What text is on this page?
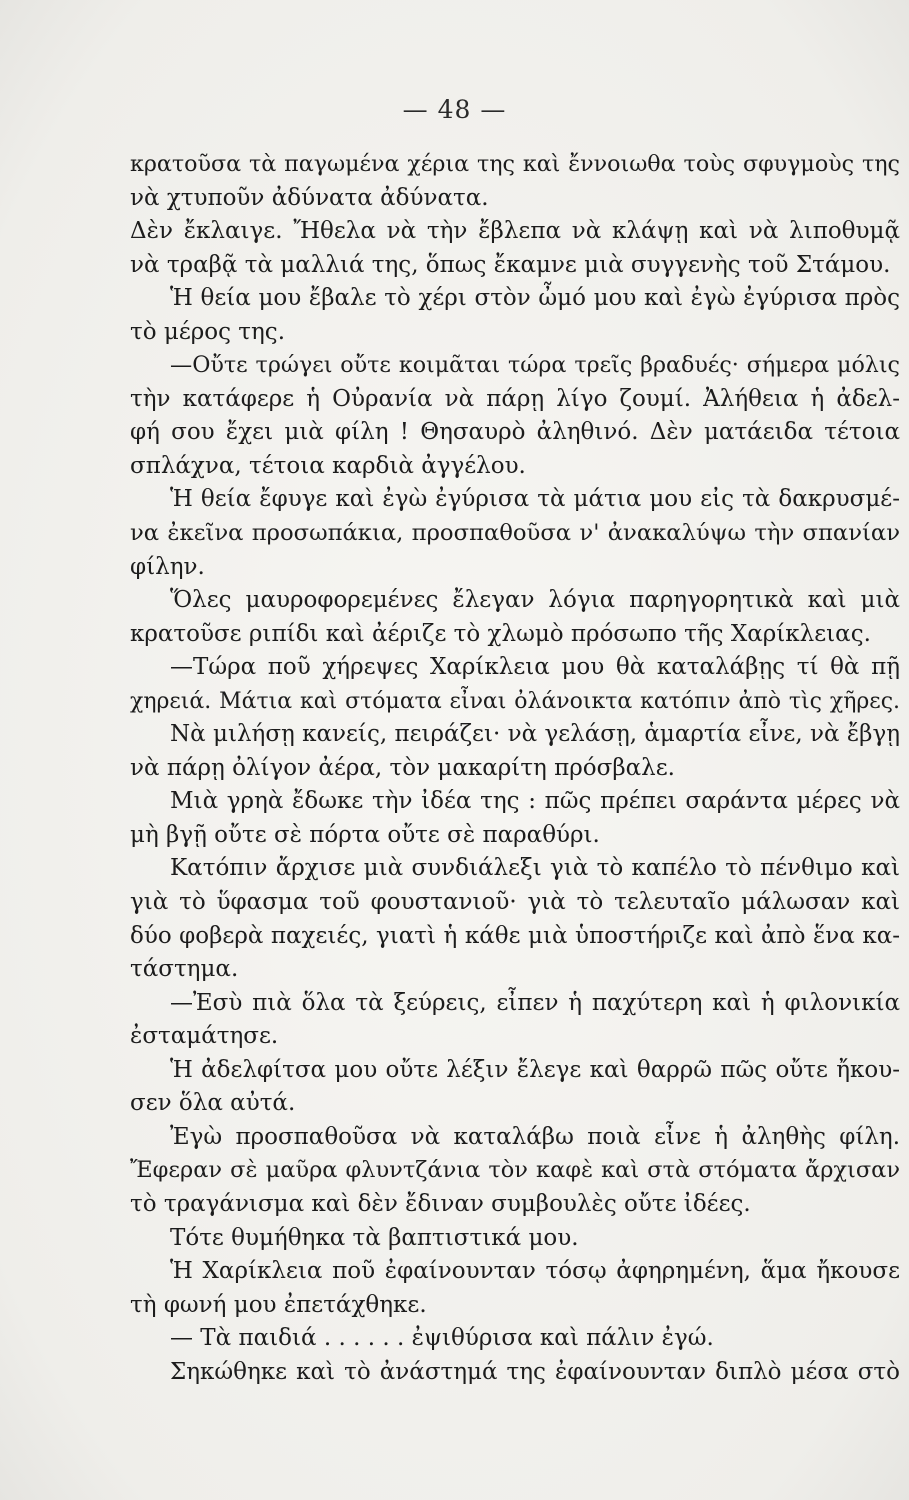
— 48 —
κρατοῦσα τὰ παγωμένα χέρια της καὶ ἔννοιωθα τοὺς σφυγμοὺς της
νὰ χτυποῦν ἀδύνατα ἀδύνατα.
Δὲν ἔκλαιγε. Ἤθελα νὰ τὴν ἔβλεπα νὰ κλάψῃ καὶ νὰ λιποθυμᾷ
νὰ τραβᾷ τὰ μαλλιά της, ὅπως ἔκαμνε μιὰ συγγενὴς τοῦ Στάμου.
Ἡ θεία μου ἔβαλε τὸ χέρι στὸν ὦμό μου καὶ ἐγὼ ἐγύρισα πρὸς
τὸ μέρος της.
—Οὔτε τρώγει οὔτε κοιμᾶται τώρα τρεῖς βραδυές· σήμερα μόλις
τὴν κατάφερε ἡ Οὐρανία νὰ πάρῃ λίγο ζουμί. Ἀλήθεια ἡ ἀδελ-
φή σου ἔχει μιὰ φίλη ! Θησαυρὸ ἀληθινό. Δὲν ματάειδα τέτοια
σπλάχνα, τέτοια καρδιὰ ἀγγέλου.
Ἡ θεία ἔφυγε καὶ ἐγὼ ἐγύρισα τὰ μάτια μου εἰς τὰ δακρυσμέ-
να ἐκεῖνα προσωπάκια, προσπαθοῦσα ν' ἀνακαλύψω τὴν σπανίαν
φίλην.
Ὅλες μαυροφορεμένες ἔλεγαν λόγια παρηγορητικὰ καὶ μιὰ
κρατοῦσε ριπίδι καὶ ἀέριζε τὸ χλωμὸ πρόσωπο τῆς Χαρίκλειας.
—Τώρα ποῦ χήρεψες Χαρίκλεια μου θὰ καταλάβῃς τί θὰ πῇ
χηρειά. Μάτια καὶ στόματα εἶναι ὀλάνοικτα κατόπιν ἀπὸ τὶς χῆρες.
Νὰ μιλήσῃ κανείς, πειράζει· νὰ γελάσῃ, ἁμαρτία εἶνε, νὰ ἔβγῃ
νὰ πάρῃ ὀλίγον ἀέρα, τὸν μακαρίτη πρόσβαλε.
Μιὰ γρηὰ ἔδωκε τὴν ἰδέα της : πῶς πρέπει σαράντα μέρες νὰ
μὴ βγῇ οὔτε σὲ πόρτα οὔτε σὲ παραθύρι.
Κατόπιν ἄρχισε μιὰ συνδιάλεξι γιὰ τὸ καπέλο τὸ πένθιμο καὶ
γιὰ τὸ ὕφασμα τοῦ φουστανιοῦ· γιὰ τὸ τελευταῖο μάλωσαν καὶ
δύο φοβερὰ παχειές, γιατὶ ἡ κάθε μιὰ ὑποστήριζε καὶ ἀπὸ ἕνα κα-
τάστημα.
—Ἐσὺ πιὰ ὅλα τὰ ξεύρεις, εἶπεν ἡ παχύτερη καὶ ἡ φιλονικία
ἐσταμάτησε.
Ἡ ἀδελφίτσα μου οὔτε λέξιν ἔλεγε καὶ θαρρῶ πῶς οὔτε ἤκου-
σεν ὅλα αὐτά.
Ἐγὼ προσπαθοῦσα νὰ καταλάβω ποιὰ εἶνε ἡ ἀληθὴς φίλη.
Ἔφεραν σὲ μαῦρα φλυντζάνια τὸν καφὲ καὶ στὰ στόματα ἄρχισαν
τὸ τραγάνισμα καὶ δὲν ἔδιναν συμβουλὲς οὔτε ἰδέες.
Τότε θυμήθηκα τὰ βαπτιστικά μου.
Ἡ Χαρίκλεια ποῦ ἐφαίνουνταν τόσῳ ἀφηρημένη, ἅμα ἤκουσε
τὴ φωνή μου ἐπετάχθηκε.
— Τὰ παιδιά . . . . . . ἐψιθύρισα καὶ πάλιν ἐγώ.
Σηκώθηκε καὶ τὸ ἀνάστημά της ἐφαίνουνταν διπλὸ μέσα στὸ
